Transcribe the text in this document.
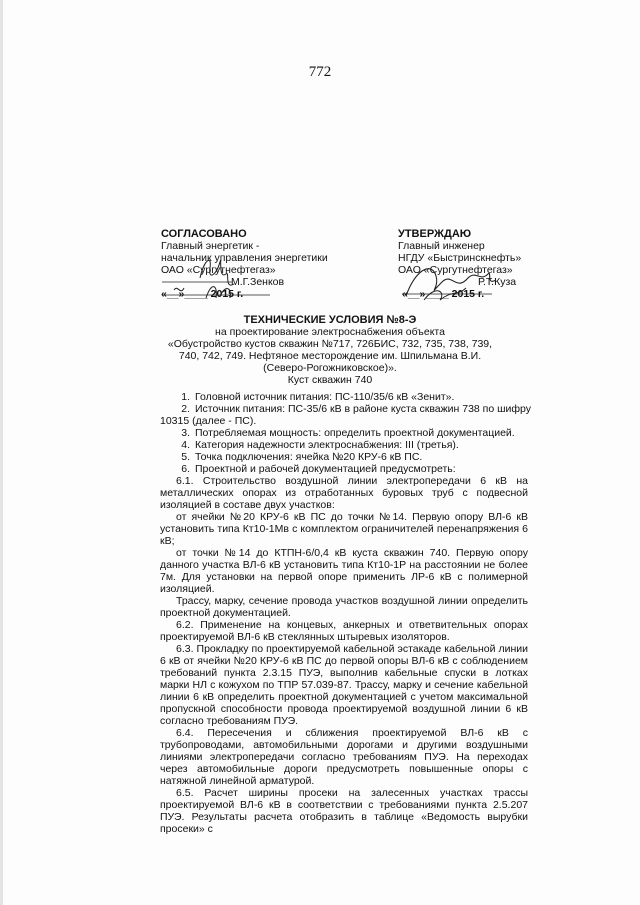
772
СОГЛАСОВАНО
Главный энергетик -
начальник управления энергетики
ОАО «Сургутнефтегаз»
М.Г.Зенков
«__»____ 2015 г.
УТВЕРЖДАЮ
Главный инженер
НГДУ «Быстринскнефть»
ОАО «Сургутнефтегаз»
Р.Т.Куза
«__»____ 2015 г.
ТЕХНИЧЕСКИЕ УСЛОВИЯ №8-Э
на проектирование электроснабжения объекта
«Обустройство кустов скважин №717, 726БИС, 732, 735, 738, 739,
740, 742, 749. Нефтяное месторождение им. Шпильмана В.И.
(Северо-Рогожниковское)».
Куст скважин 740
1. Головной источник питания: ПС-110/35/6 кВ «Зенит».
2. Источник питания: ПС-35/6 кВ в районе куста скважин 738 по шифру
10315 (далее - ПС).
3. Потребляемая мощность: определить проектной документацией.
4. Категория надежности электроснабжения: III (третья).
5. Точка подключения: ячейка №20 КРУ-6 кВ ПС.
6. Проектной и рабочей документацией предусмотреть:

6.1. Строительство воздушной линии электропередачи 6 кВ на металлических опорах из отработанных буровых труб с подвесной изоляцией в составе двух участков:

от ячейки №20 КРУ-6 кВ ПС до точки №14. Первую опору ВЛ-6 кВ установить типа Кт10-1Мв с комплектом ограничителей перенапряжения 6 кВ;

от точки №14 до КТПН-6/0,4 кВ куста скважин 740. Первую опору данного участка ВЛ-6 кВ установить типа Кт10-1Р на расстоянии не более 7м. Для установки на первой опоре применить ЛР-6 кВ с полимерной изоляцией.

Трассу, марку, сечение провода участков воздушной линии определить проектной документацией.

6.2. Применение на концевых, анкерных и ответвительных опорах проектируемой ВЛ-6 кВ стеклянных штыревых изоляторов.

6.3. Прокладку по проектируемой кабельной эстакаде кабельной линии 6 кВ от ячейки №20 КРУ-6 кВ ПС до первой опоры ВЛ-6 кВ с соблюдением требований пункта 2.3.15 ПУЭ, выполнив кабельные спуски в лотках марки НЛ с кожухом по ТПР 57.039-87. Трассу, марку и сечение кабельной линии 6 кВ определить проектной документацией с учетом максимальной пропускной способности провода проектируемой воздушной линии 6 кВ согласно требованиям ПУЭ.

6.4. Пересечения и сближения проектируемой ВЛ-6 кВ с трубопроводами, автомобильными дорогами и другими воздушными линиями электропередачи согласно требованиям ПУЭ. На переходах через автомобильные дороги предусмотреть повышенные опоры с натяжной линейной арматурой.

6.5. Расчет ширины просеки на залесенных участках трассы проектируемой ВЛ-6 кВ в соответствии с требованиями пункта 2.5.207 ПУЭ. Результаты расчета отобразить в таблице «Ведомость вырубки просеки» с
